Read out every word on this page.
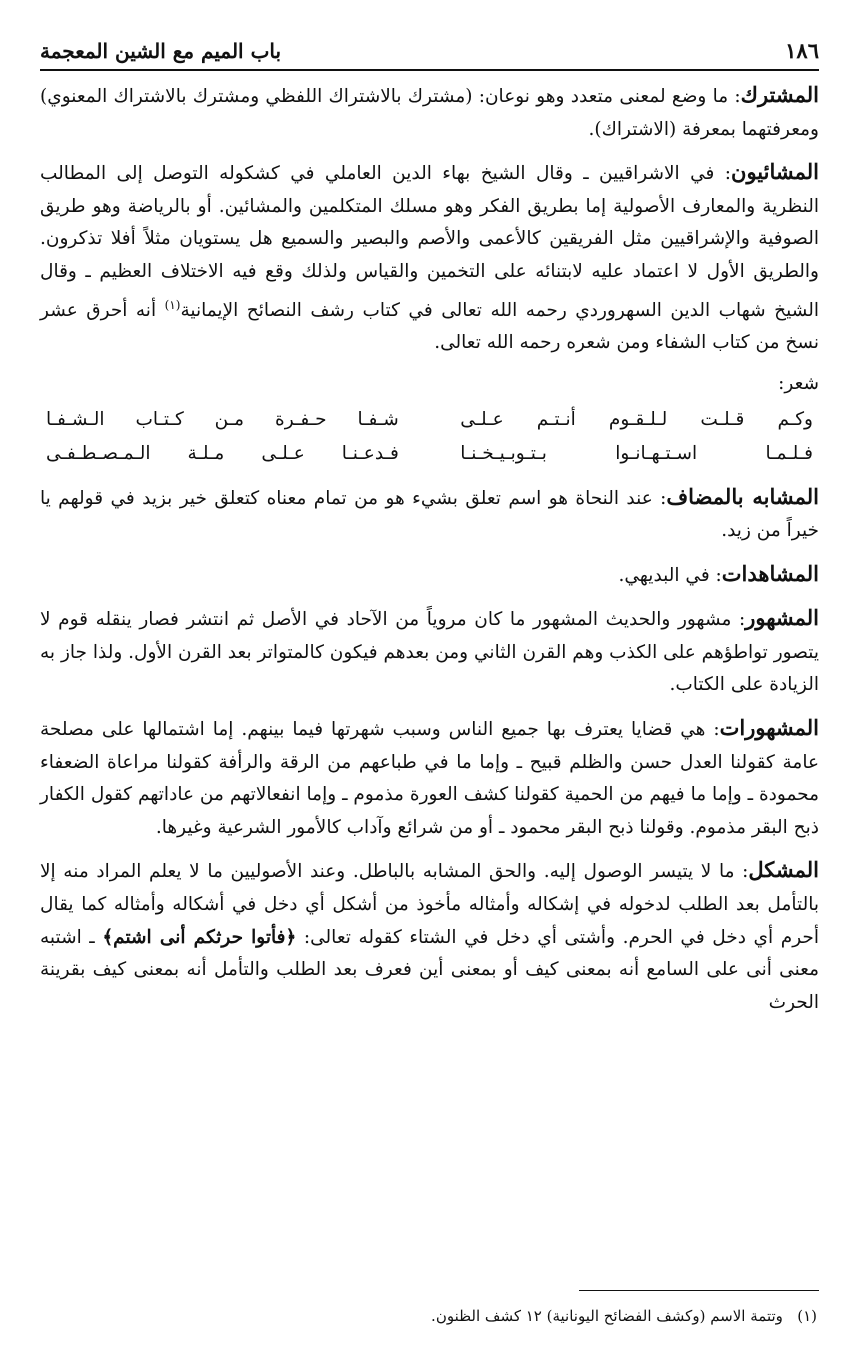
١٨٦
باب الميم مع الشين المعجمة

المشترك: ما وضع لمعنى متعدد وهو نوعان: (مشترك بالاشتراك اللفظي ومشترك بالاشتراك المعنوي) ومعرفتهما بمعرفة (الاشتراك).

المشائيون: في الاشراقيين ـ وقال الشيخ بهاء الدين العاملي في كشكوله التوصل إلى المطالب النظرية والمعارف الأصولية إما بطريق الفكر وهو مسلك المتكلمين والمشائين. أو بالرياضة وهو طريق الصوفية والإشراقيين مثل الفريقين كالأعمى والأصم والبصير والسميع هل يستويان مثلاً أفلا تذكرون. والطريق الأول لا اعتماد عليه لابتنائه على التخمين والقياس ولذلك وقع فيه الاختلاف العظيم ـ وقال الشيخ شهاب الدين السهروردي رحمه الله تعالى في كتاب رشف النصائح الإيمانية$^{(١)}$ أنه أحرق عشر نسخ من كتاب الشفاء ومن شعره رحمه الله تعالى.

شعر:

وكـم قـلـت لـلـقـوم أنـتـم عـلـى
شـفـا حـفـرة مـن كـتـاب الـشـفـا
فـلـمـا اسـتـهـانـوا بـتـوبـيـخـنـا
فـدعـنـا عـلـى مـلـة الـمـصـطـفـى

المشابه بالمضاف: عند النحاة هو اسم تعلق بشيء هو من تمام معناه كتعلق خير بزيد في قولهم يا خيراً من زيد.

المشاهدات: في البديهي.

المشهور: مشهور والحديث المشهور ما كان مروياً من الآحاد في الأصل ثم انتشر فصار ينقله قوم لا يتصور تواطؤهم على الكذب وهم القرن الثاني ومن بعدهم فيكون كالمتواتر بعد القرن الأول. ولذا جاز به الزيادة على الكتاب.

المشهورات: هي قضايا يعترف بها جميع الناس وسبب شهرتها فيما بينهم. إما اشتمالها على مصلحة عامة كقولنا العدل حسن والظلم قبيح ـ وإما ما في طباعهم من الرقة والرأفة كقولنا مراعاة الضعفاء محمودة ـ وإما ما فيهم من الحمية كقولنا كشف العورة مذموم ـ وإما انفعالاتهم من عاداتهم كقول الكفار ذبح البقر مذموم. وقولنا ذبح البقر محمود ـ أو من شرائع وآداب كالأمور الشرعية وغيرها.

المشكل: ما لا يتيسر الوصول إليه. والحق المشابه بالباطل. وعند الأصوليين ما لا يعلم المراد منه إلا بالتأمل بعد الطلب لدخوله في إشكاله وأمثاله مأخوذ من أشكل أي دخل في أشكاله وأمثاله كما يقال أحرم أي دخل في الحرم. وأشتى أي دخل في الشتاء كقوله تعالى: ﴿فأتوا حرثكم أنى اشتم﴾ ـ اشتبه معنى أنى على السامع أنه بمعنى كيف أو بمعنى أين فعرف بعد الطلب والتأمل أنه بمعنى كيف بقرينة الحرث

(١)   وتتمة الاسم (وكشف الفضائح اليونانية) ١٢ كشف الظنون.
